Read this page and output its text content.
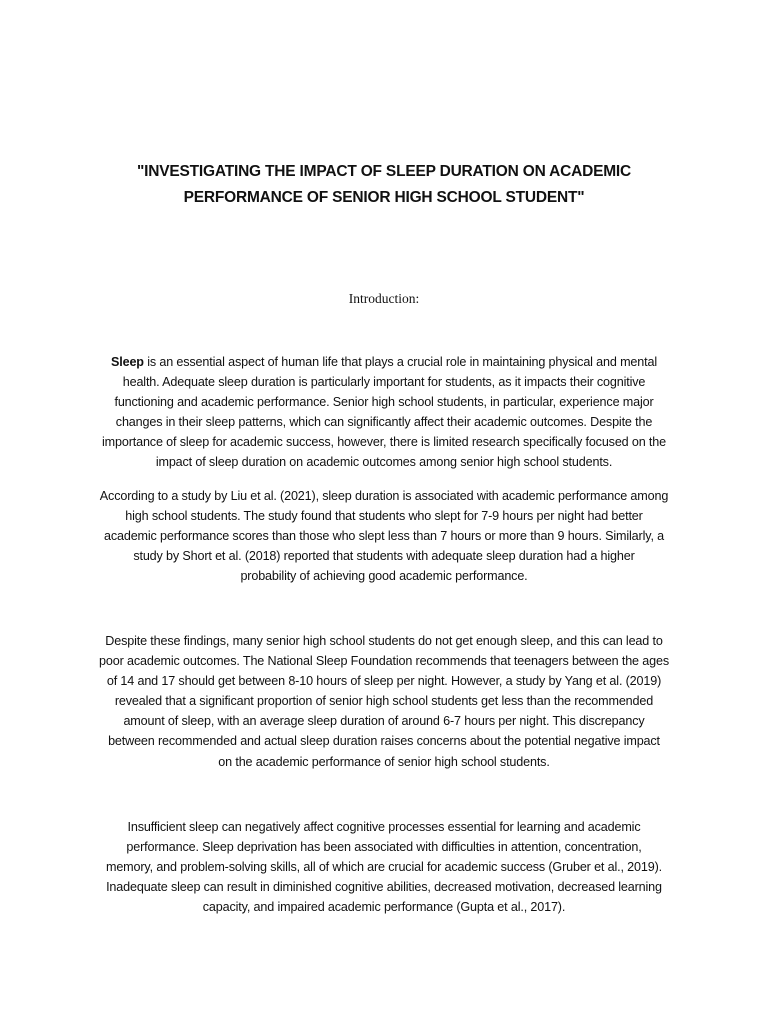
"INVESTIGATING THE IMPACT OF SLEEP DURATION ON ACADEMIC
PERFORMANCE OF SENIOR HIGH SCHOOL STUDENT"
Introduction:

Sleep is an essential aspect of human life that plays a crucial role in maintaining physical and mental
health. Adequate sleep duration is particularly important for students, as it impacts their cognitive
functioning and academic performance. Senior high school students, in particular, experience major
changes in their sleep patterns, which can significantly affect their academic outcomes. Despite the
importance of sleep for academic success, however, there is limited research specifically focused on the
impact of sleep duration on academic outcomes among senior high school students.

According to a study by Liu et al. (2021), sleep duration is associated with academic performance among
high school students. The study found that students who slept for 7-9 hours per night had better
academic performance scores than those who slept less than 7 hours or more than 9 hours. Similarly, a
study by Short et al. (2018) reported that students with adequate sleep duration had a higher
probability of achieving good academic performance.

Despite these findings, many senior high school students do not get enough sleep, and this can lead to
poor academic outcomes. The National Sleep Foundation recommends that teenagers between the ages
of 14 and 17 should get between 8-10 hours of sleep per night. However, a study by Yang et al. (2019)
revealed that a significant proportion of senior high school students get less than the recommended
amount of sleep, with an average sleep duration of around 6-7 hours per night. This discrepancy
between recommended and actual sleep duration raises concerns about the potential negative impact
on the academic performance of senior high school students.

Insufficient sleep can negatively affect cognitive processes essential for learning and academic
performance. Sleep deprivation has been associated with difficulties in attention, concentration,
memory, and problem-solving skills, all of which are crucial for academic success (Gruber et al., 2019).
Inadequate sleep can result in diminished cognitive abilities, decreased motivation, decreased learning
capacity, and impaired academic performance (Gupta et al., 2017).
